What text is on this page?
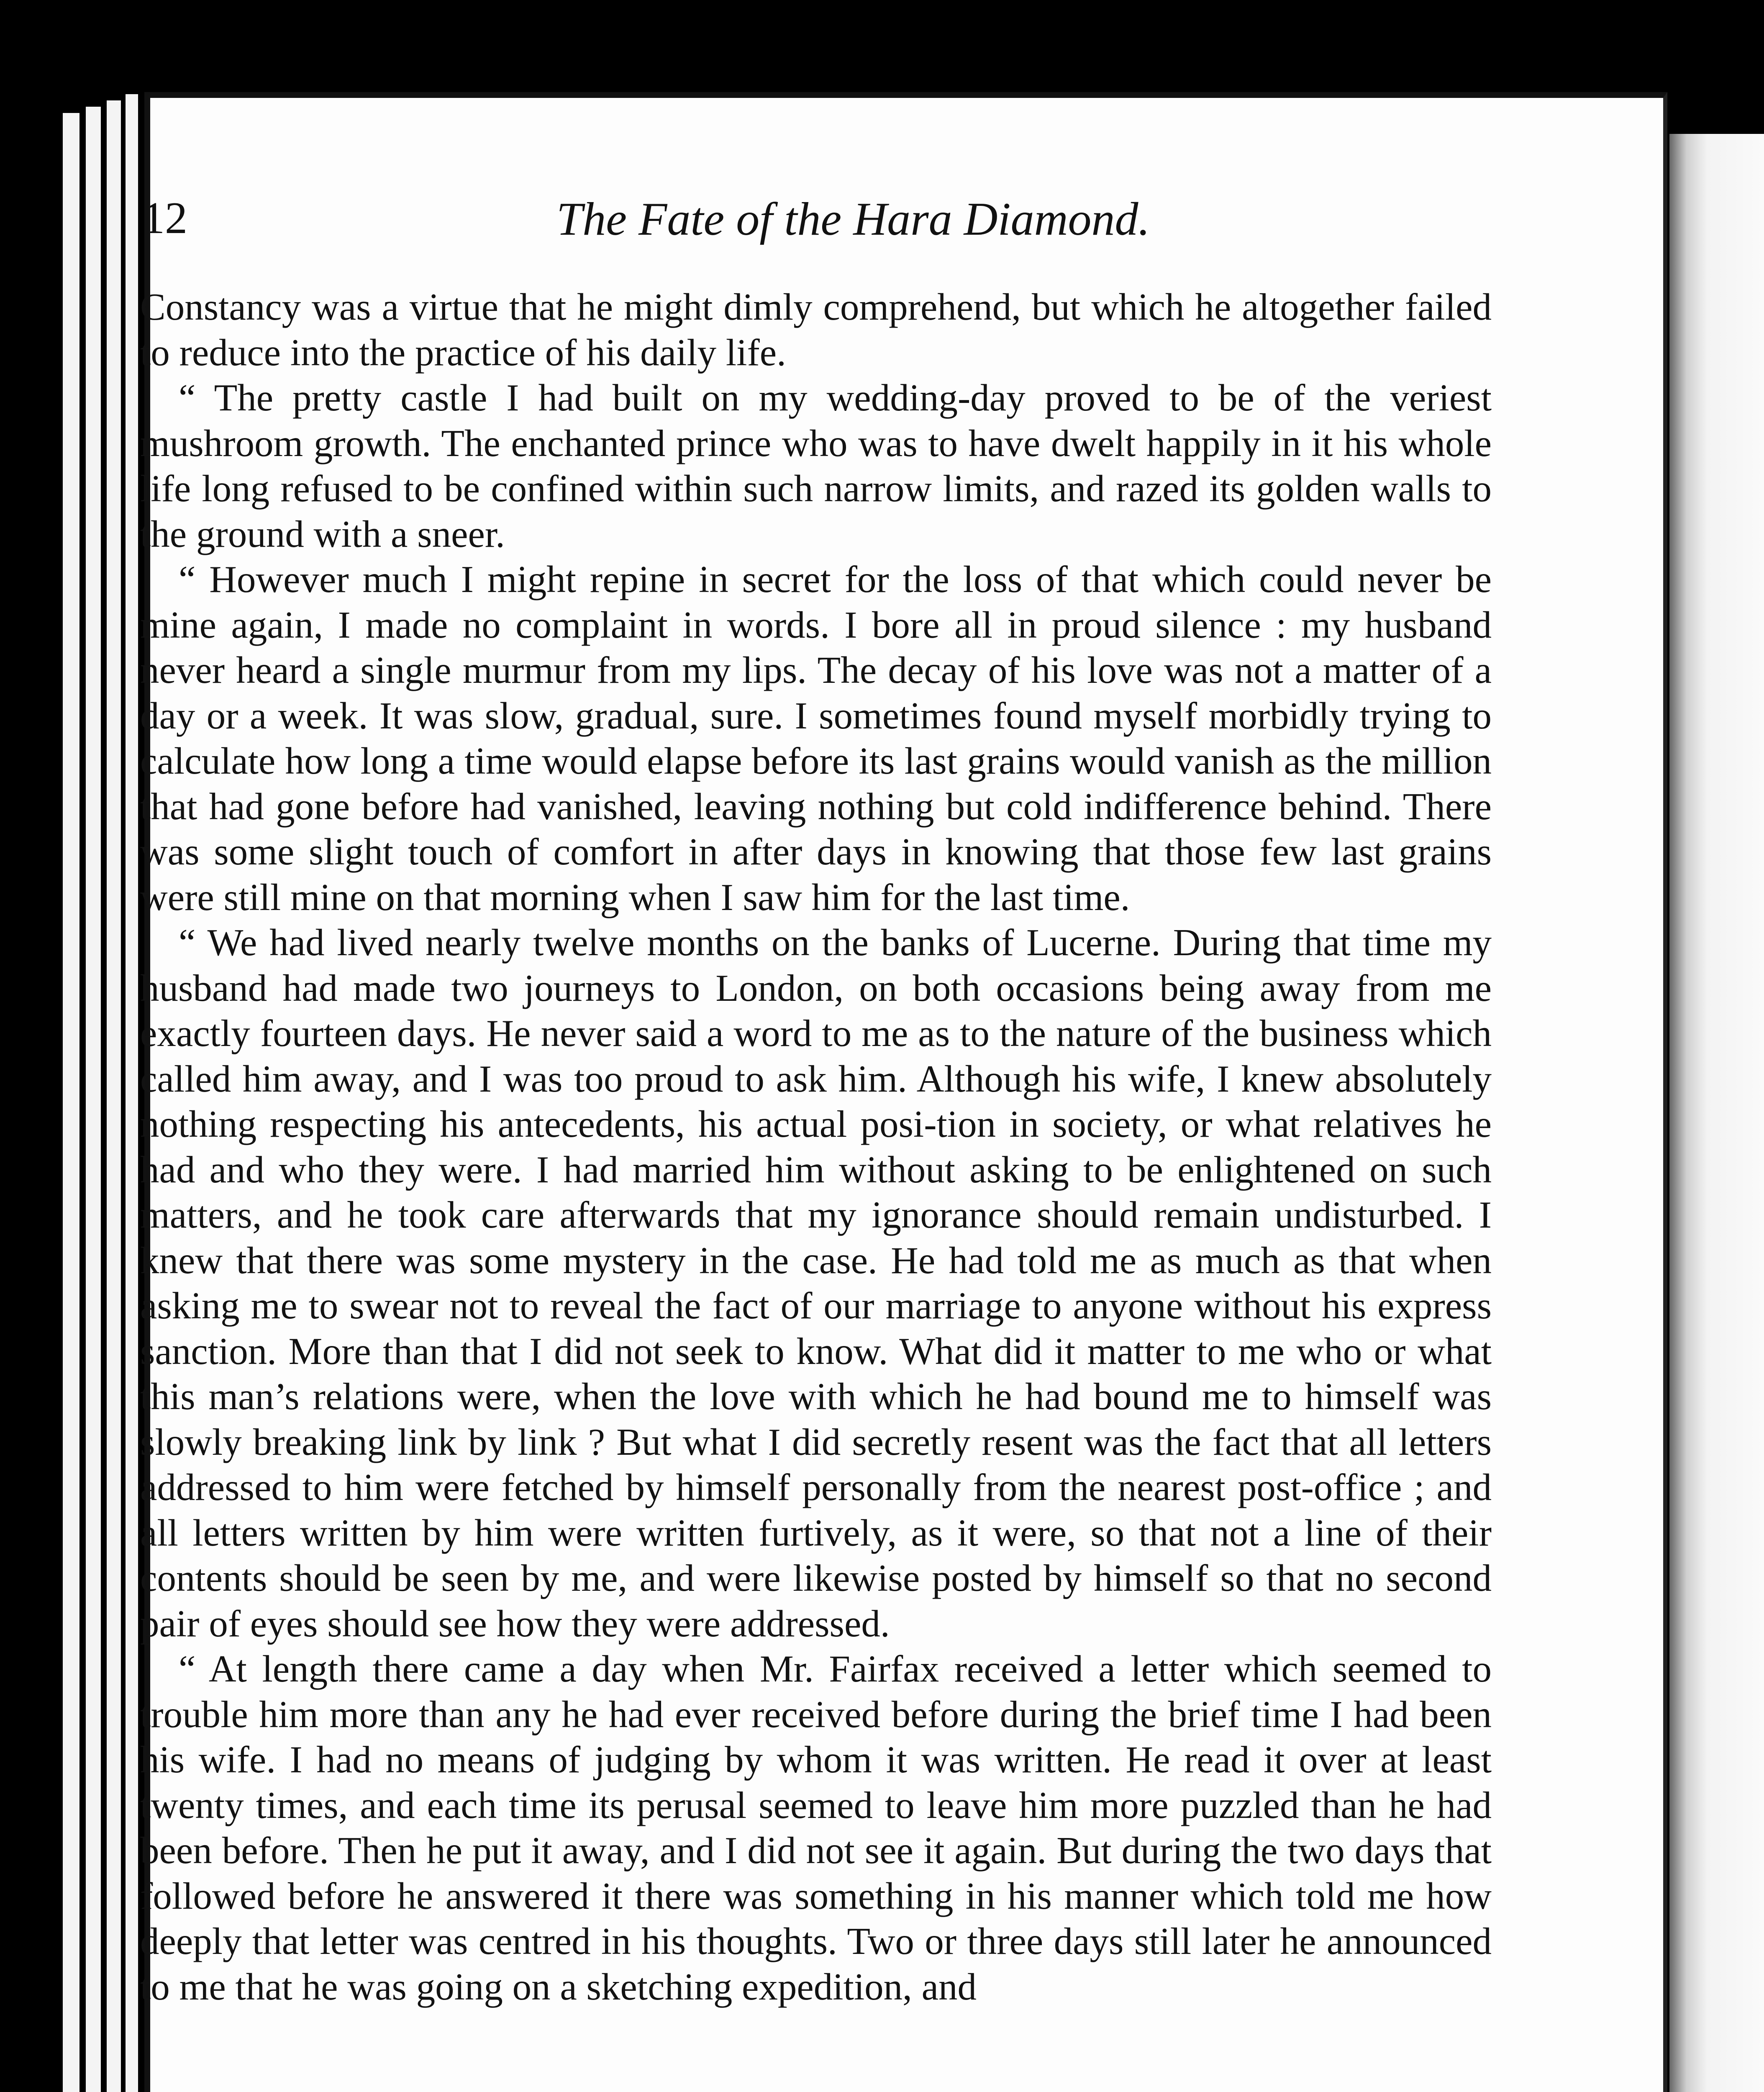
12	The Fate of the Hara Diamond.

Constancy was a virtue that he might dimly comprehend, but which he altogether failed to reduce into the practice of his daily life.

“ The pretty castle I had built on my wedding-day proved to be of the veriest mushroom growth. The enchanted prince who was to have dwelt happily in it his whole life long refused to be confined within such narrow limits, and razed its golden walls to the ground with a sneer.

“ However much I might repine in secret for the loss of that which could never be mine again, I made no complaint in words. I bore all in proud silence : my husband never heard a single murmur from my lips. The decay of his love was not a matter of a day or a week. It was slow, gradual, sure. I sometimes found myself morbidly trying to calculate how long a time would elapse before its last grains would vanish as the million that had gone before had vanished, leaving nothing but cold indifference behind. There was some slight touch of comfort in after days in knowing that those few last grains were still mine on that morning when I saw him for the last time.

“ We had lived nearly twelve months on the banks of Lucerne. During that time my husband had made two journeys to London, on both occasions being away from me exactly fourteen days. He never said a word to me as to the nature of the business which called him away, and I was too proud to ask him. Although his wife, I knew absolutely nothing respecting his antecedents, his actual posi-tion in society, or what relatives he had and who they were. I had married him without asking to be enlightened on such matters, and he took care afterwards that my ignorance should remain undisturbed. I knew that there was some mystery in the case. He had told me as much as that when asking me to swear not to reveal the fact of our marriage to anyone without his express sanction. More than that I did not seek to know. What did it matter to me who or what this man’s relations were, when the love with which he had bound me to himself was slowly breaking link by link ? But what I did secretly resent was the fact that all letters addressed to him were fetched by himself personally from the nearest post-office ; and all letters written by him were written furtively, as it were, so that not a line of their contents should be seen by me, and were likewise posted by himself so that no second pair of eyes should see how they were addressed.

“ At length there came a day when Mr. Fairfax received a letter which seemed to trouble him more than any he had ever received before during the brief time I had been his wife. I had no means of judging by whom it was written. He read it over at least twenty times, and each time its perusal seemed to leave him more puzzled than he had been before. Then he put it away, and I did not see it again. But during the two days that followed before he answered it there was something in his manner which told me how deeply that letter was centred in his thoughts. Two or three days still later he announced to me that he was going on a sketching expedition, and
